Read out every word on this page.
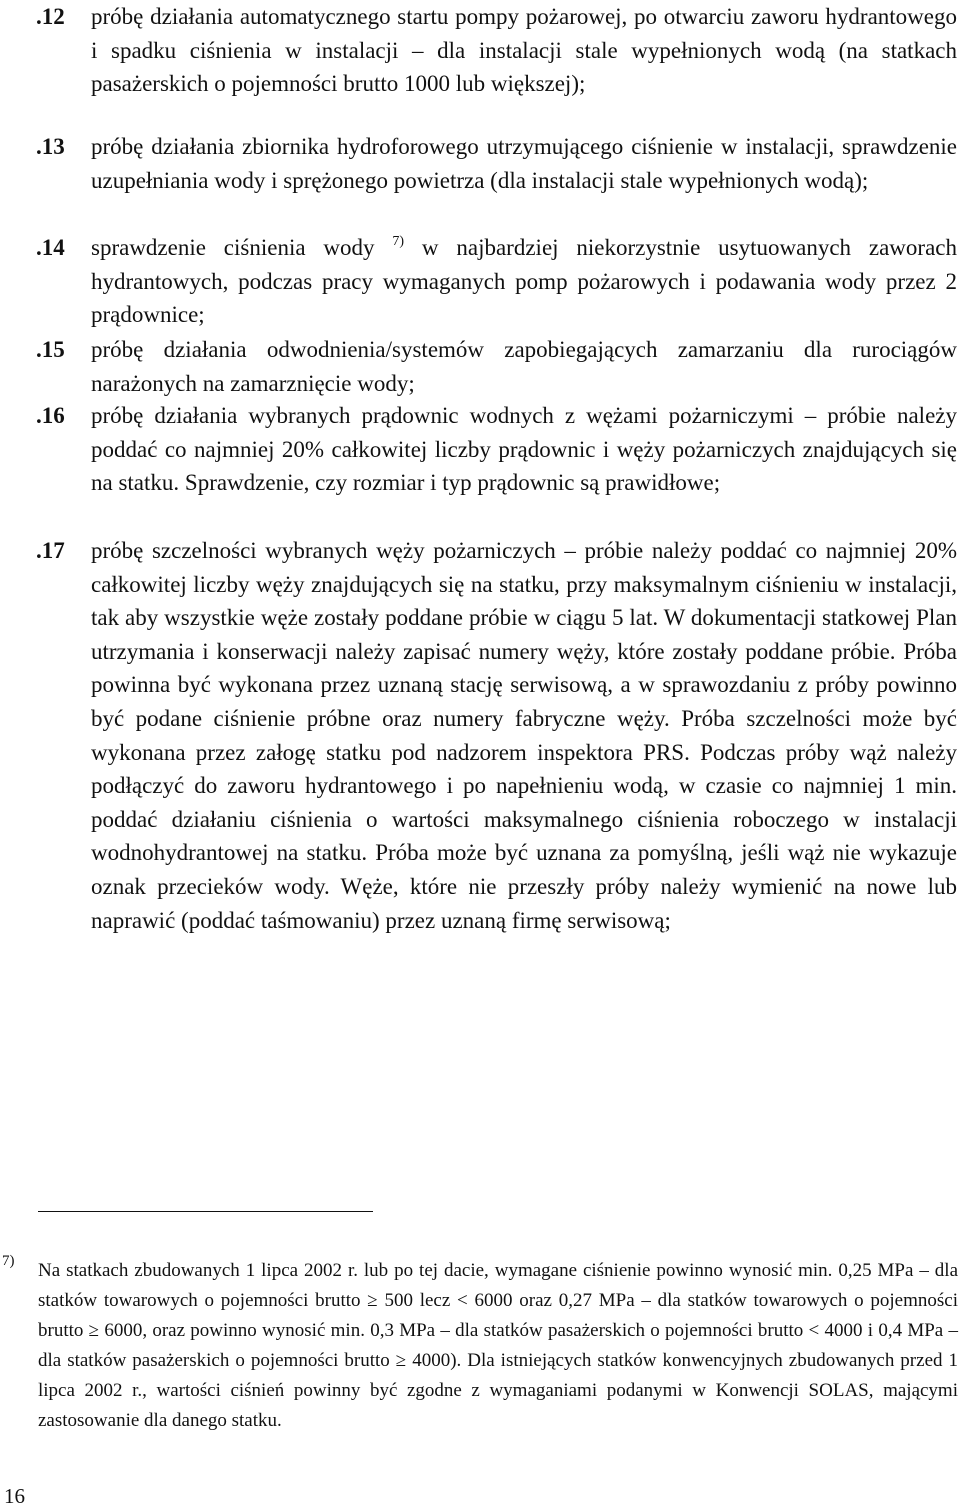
.12 próbę działania automatycznego startu pompy pożarowej, po otwarciu zaworu hydrantowego i spadku ciśnienia w instalacji – dla instalacji stale wypełnionych wodą (na statkach pasażerskich o pojemności brutto 1000 lub większej);
.13 próbę działania zbiornika hydroforowego utrzymującego ciśnienie w instalacji, sprawdzenie uzupełniania wody i sprężonego powietrza (dla instalacji stale wypełnionych wodą);
.14 sprawdzenie ciśnienia wody $^{7)}$ w najbardziej niekorzystnie usytuowanych zaworach hydrantowych, podczas pracy wymaganych pomp pożarowych i podawania wody przez 2 prądownice;
.15 próbę działania odwodnienia/systemów zapobiegających zamarzaniu dla rurociągów narażonych na zamarznięcie wody;
.16 próbę działania wybranych prądownic wodnych z wężami pożarniczymi – próbie należy poddać co najmniej 20% całkowitej liczby prądownic i węży pożarniczych znajdujących się na statku. Sprawdzenie, czy rozmiar i typ prądownic są prawidłowe;
.17 próbę szczelności wybranych węży pożarniczych – próbie należy poddać co najmniej 20% całkowitej liczby węży znajdujących się na statku, przy maksymalnym ciśnieniu w instalacji, tak aby wszystkie węże zostały poddane próbie w ciągu 5 lat. W dokumentacji statkowej Plan utrzymania i konserwacji należy zapisać numery węży, które zostały poddane próbie. Próba powinna być wykonana przez uznaną stację serwisową, a w sprawozdaniu z próby powinno być podane ciśnienie próbne oraz numery fabryczne węży. Próba szczelności może być wykonana przez załogę statku pod nadzorem inspektora PRS. Podczas próby wąż należy podłączyć do zaworu hydrantowego i po napełnieniu wodą, w czasie co najmniej 1 min. poddać działaniu ciśnienia o wartości maksymalnego ciśnienia roboczego w instalacji wodnohydrantowej na statku. Próba może być uznana za pomyślną, jeśli wąż nie wykazuje oznak przecieków wody. Węże, które nie przeszły próby należy wymienić na nowe lub naprawić (poddać taśmowaniu) przez uznaną firmę serwisową;
7) Na statkach zbudowanych 1 lipca 2002 r. lub po tej dacie, wymagane ciśnienie powinno wynosić min. 0,25 MPa – dla statków towarowych o pojemności brutto ≥ 500 lecz < 6000 oraz 0,27 MPa – dla statków towarowych o pojemności brutto ≥ 6000, oraz powinno wynosić min. 0,3 MPa – dla statków pasażerskich o pojemności brutto < 4000 i 0,4 MPa – dla statków pasażerskich o pojemności brutto ≥ 4000). Dla istniejących statków konwencyjnych zbudowanych przed 1 lipca 2002 r., wartości ciśnień powinny być zgodne z wymaganiami podanymi w Konwencji SOLAS, mającymi zastosowanie dla danego statku.
16
